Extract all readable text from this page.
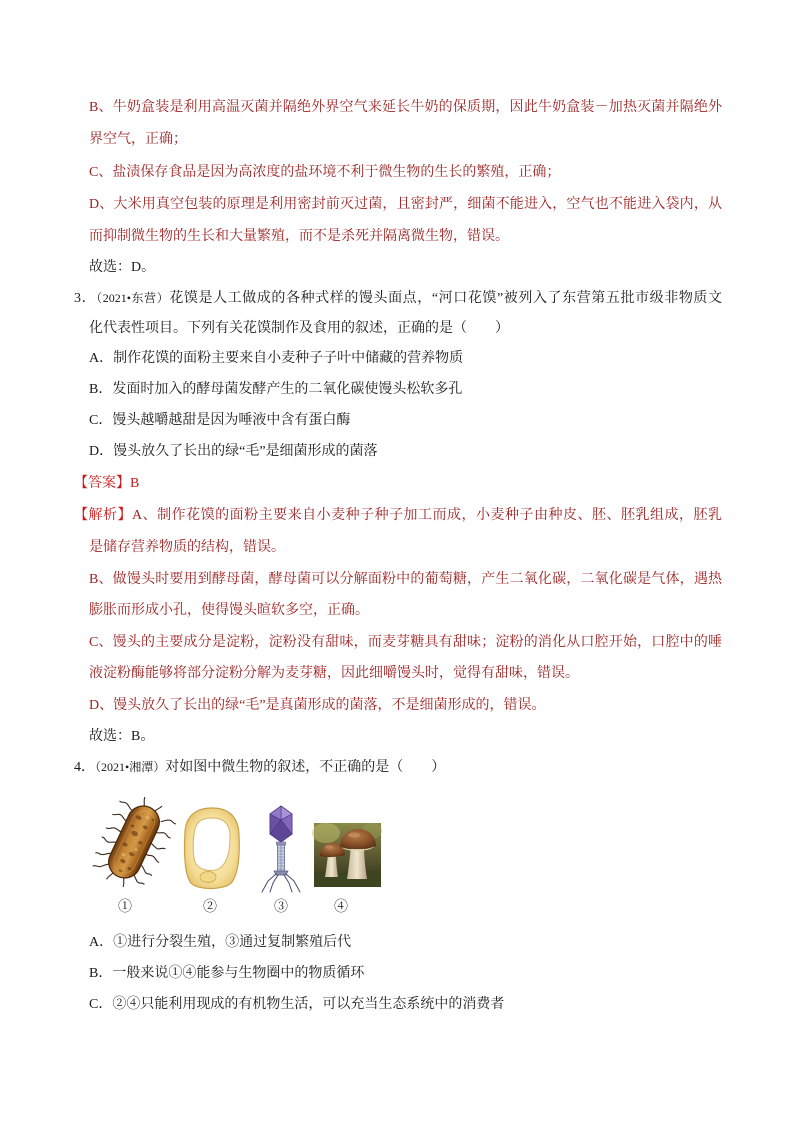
B、牛奶盒装是利用高温灭菌并隔绝外界空气来延长牛奶的保质期，因此牛奶盒装－加热灭菌并隔绝外
界空气，正确；
C、盐渍保存食品是因为高浓度的盐环境不利于微生物的生长的繁殖，正确；
D、大米用真空包装的原理是利用密封前灭过菌，且密封严，细菌不能进入，空气也不能进入袋内，从
而抑制微生物的生长和大量繁殖，而不是杀死并隔离微生物，错误。
故选：D。
3．（2021•东营）花馍是人工做成的各种式样的馒头面点，“河口花馍”被列入了东营第五批市级非物质文
化代表性项目。下列有关花馍制作及食用的叙述，正确的是（　　）
A．制作花馍的面粉主要来自小麦种子子叶中储藏的营养物质
B．发面时加入的酵母菌发酵产生的二氧化碳使馒头松软多孔
C．馒头越嚼越甜是因为唾液中含有蛋白酶
D．馒头放久了长出的绿“毛”是细菌形成的菌落
【答案】B
【解析】A、制作花馍的面粉主要来自小麦种子种子加工而成，小麦种子由种皮、胚、胚乳组成，胚乳
是储存营养物质的结构，错误。
B、做馒头时要用到酵母菌，酵母菌可以分解面粉中的葡萄糖，产生二氧化碳，二氧化碳是气体，遇热
膨胀而形成小孔，使得馒头暄软多空，正确。
C、馒头的主要成分是淀粉，淀粉没有甜味，而麦芽糖具有甜味；淀粉的消化从口腔开始，口腔中的唾
液淀粉酶能够将部分淀粉分解为麦芽糖，因此细嚼馒头时，觉得有甜味，错误。
D、馒头放久了长出的绿“毛”是真菌形成的菌落，不是细菌形成的，错误。
故选：B。
4．（2021•湘潭）对如图中微生物的叙述，不正确的是（　　）
①	②	③	④
A．①进行分裂生殖，③通过复制繁殖后代
B．一般来说①④能参与生物圈中的物质循环
C．②④只能利用现成的有机物生活，可以充当生态系统中的消费者
